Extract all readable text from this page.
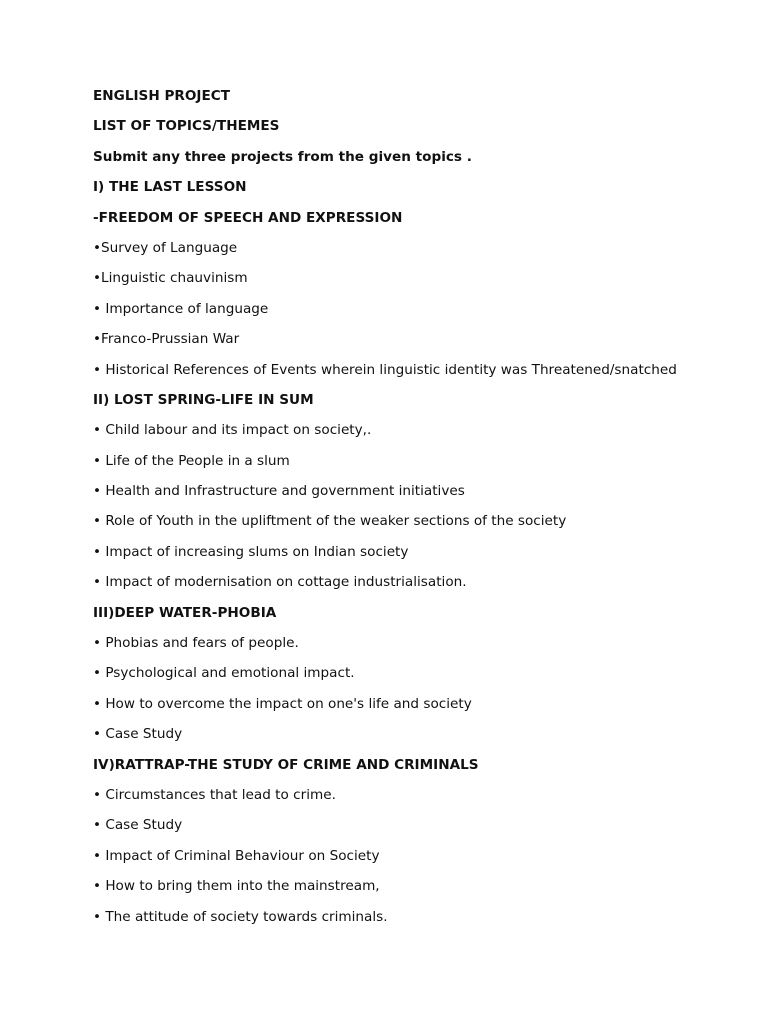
ENGLISH PROJECT
LIST OF TOPICS/THEMES
Submit any three projects from the given topics .
I) THE LAST LESSON
-FREEDOM OF SPEECH AND EXPRESSION
•Survey of Language
•Linguistic chauvinism
• Importance of language
•Franco-Prussian War
• Historical References of Events wherein linguistic identity was Threatened/snatched
II) LOST SPRING-LIFE IN SUM
• Child labour and its impact on society,.
• Life of the People in a slum
• Health and Infrastructure and government initiatives
• Role of Youth in the upliftment of the weaker sections of the society
• Impact of increasing slums on Indian society
• Impact of modernisation on cottage industrialisation.
III)DEEP WATER-PHOBIA
• Phobias and fears of people.
• Psychological and emotional impact.
• How to overcome the impact on one's life and society
• Case Study
IV)RATTRAP-THE STUDY OF CRIME AND CRIMINALS
• Circumstances that lead to crime.
• Case Study
• Impact of Criminal Behaviour on Society
• How to bring them into the mainstream,
• The attitude of society towards criminals.
